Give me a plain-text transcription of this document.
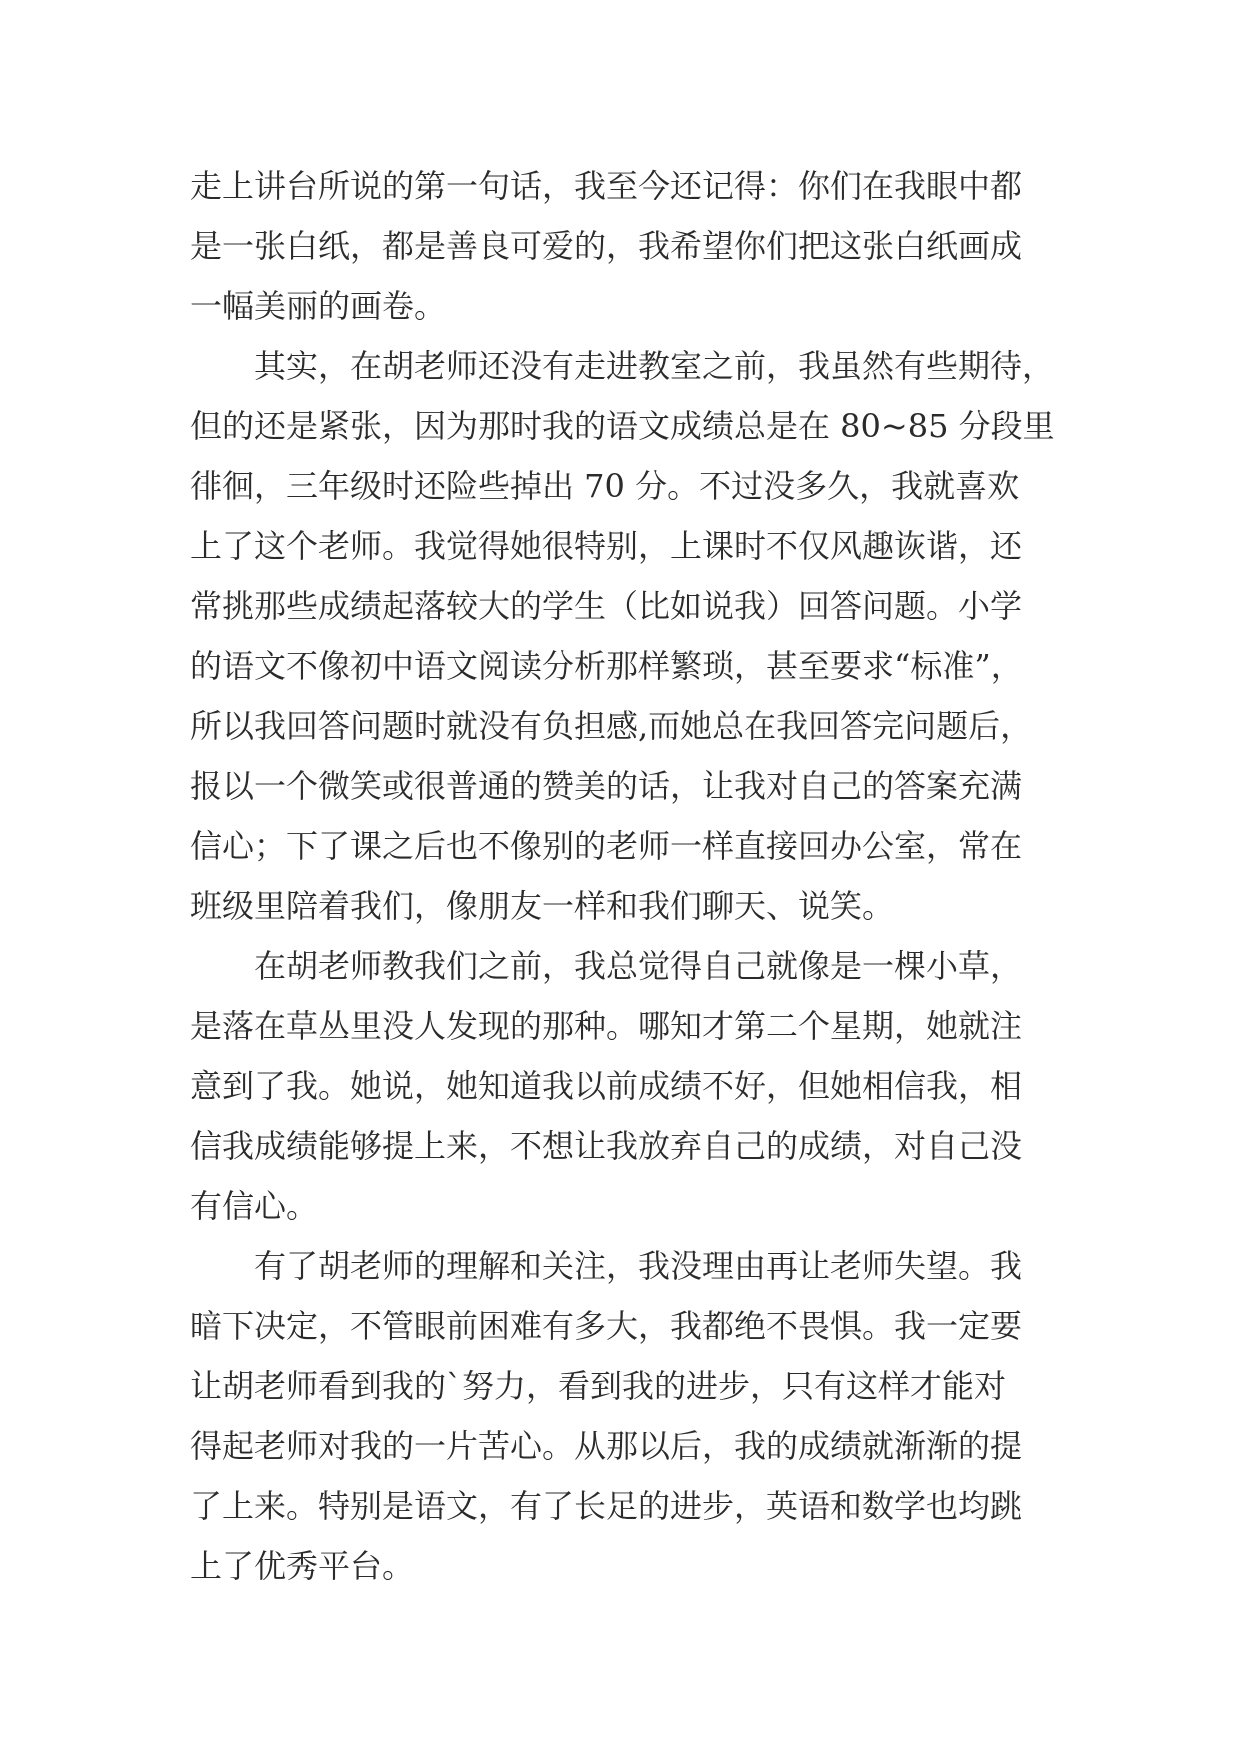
走上讲台所说的第一句话，我至今还记得：你们在我眼中都
是一张白纸，都是善良可爱的，我希望你们把这张白纸画成
一幅美丽的画卷。
其实，在胡老师还没有走进教室之前，我虽然有些期待，
但的还是紧张，因为那时我的语文成绩总是在 80~85 分段里
徘徊，三年级时还险些掉出 70 分。不过没多久，我就喜欢
上了这个老师。我觉得她很特别，上课时不仅风趣诙谐，还
常挑那些成绩起落较大的学生（比如说我）回答问题。小学
的语文不像初中语文阅读分析那样繁琐，甚至要求“标准”，
所以我回答问题时就没有负担感,而她总在我回答完问题后，
报以一个微笑或很普通的赞美的话，让我对自己的答案充满
信心；下了课之后也不像别的老师一样直接回办公室，常在
班级里陪着我们，像朋友一样和我们聊天、说笑。
在胡老师教我们之前，我总觉得自己就像是一棵小草，
是落在草丛里没人发现的那种。哪知才第二个星期，她就注
意到了我。她说，她知道我以前成绩不好，但她相信我，相
信我成绩能够提上来，不想让我放弃自己的成绩，对自己没
有信心。
有了胡老师的理解和关注，我没理由再让老师失望。我
暗下决定，不管眼前困难有多大，我都绝不畏惧。我一定要
让胡老师看到我的`努力，看到我的进步，只有这样才能对
得起老师对我的一片苦心。从那以后，我的成绩就渐渐的提
了上来。特别是语文，有了长足的进步，英语和数学也均跳
上了优秀平台。
